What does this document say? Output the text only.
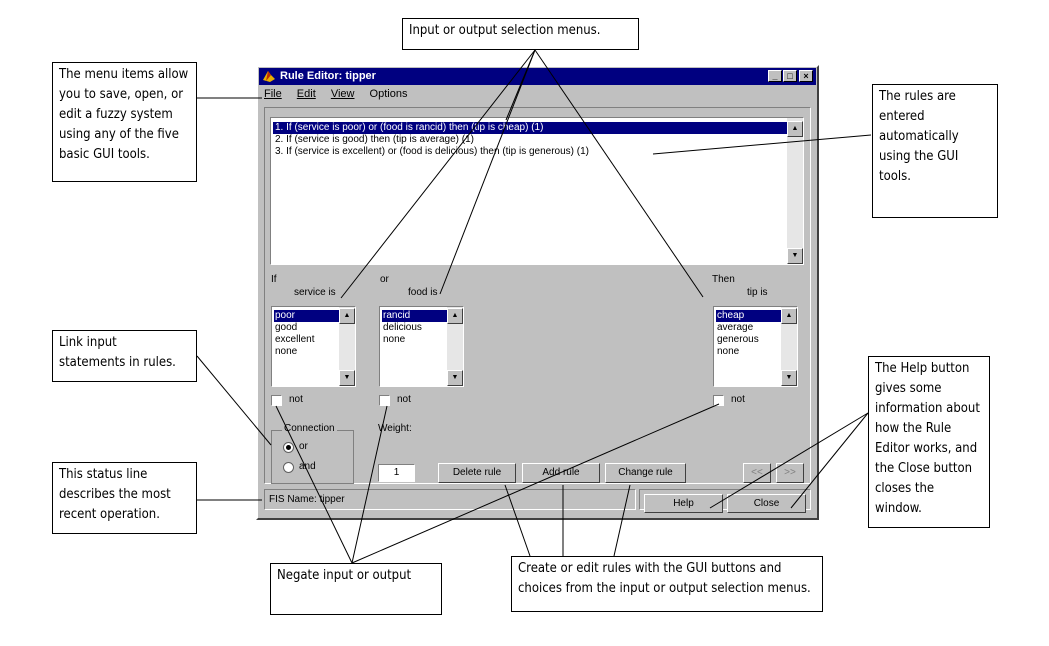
The menu items allow
you to save, open, or
edit a fuzzy system
using any of the five
basic GUI tools.
Input or output selection menus.
The rules are
entered
automatically
using the GUI
tools.
Link input
statements in rules.	The Help button
gives some
information about
how the Rule
Editor works, and
the Close button
closes the window.
This status line
describes the most
recent operation.
Negate input or output	Create or edit rules with the GUI buttons and
choices from the input or output selection menus.
Rule Editor: tipper	_	□	×
File Edit View Options
1. If (service is poor) or (food is rancid) then (tip is cheap) (1)
2. If (service is good) then (tip is average) (1)
3. If (service is excellent) or (food is delicious) then (tip is generous) (1)
▲
▼
If
service is
or
food is
Then
tip is
poor
good
excellent
none
▲
▼
rancid
delicious
none
▲
▼
cheap
average
generous
none
▲
▼
not	not	not
Connection
or
and
Weight:
1	Delete rule	Add rule	Change rule	<<	>>
FIS Name: tipper	Help	Close
